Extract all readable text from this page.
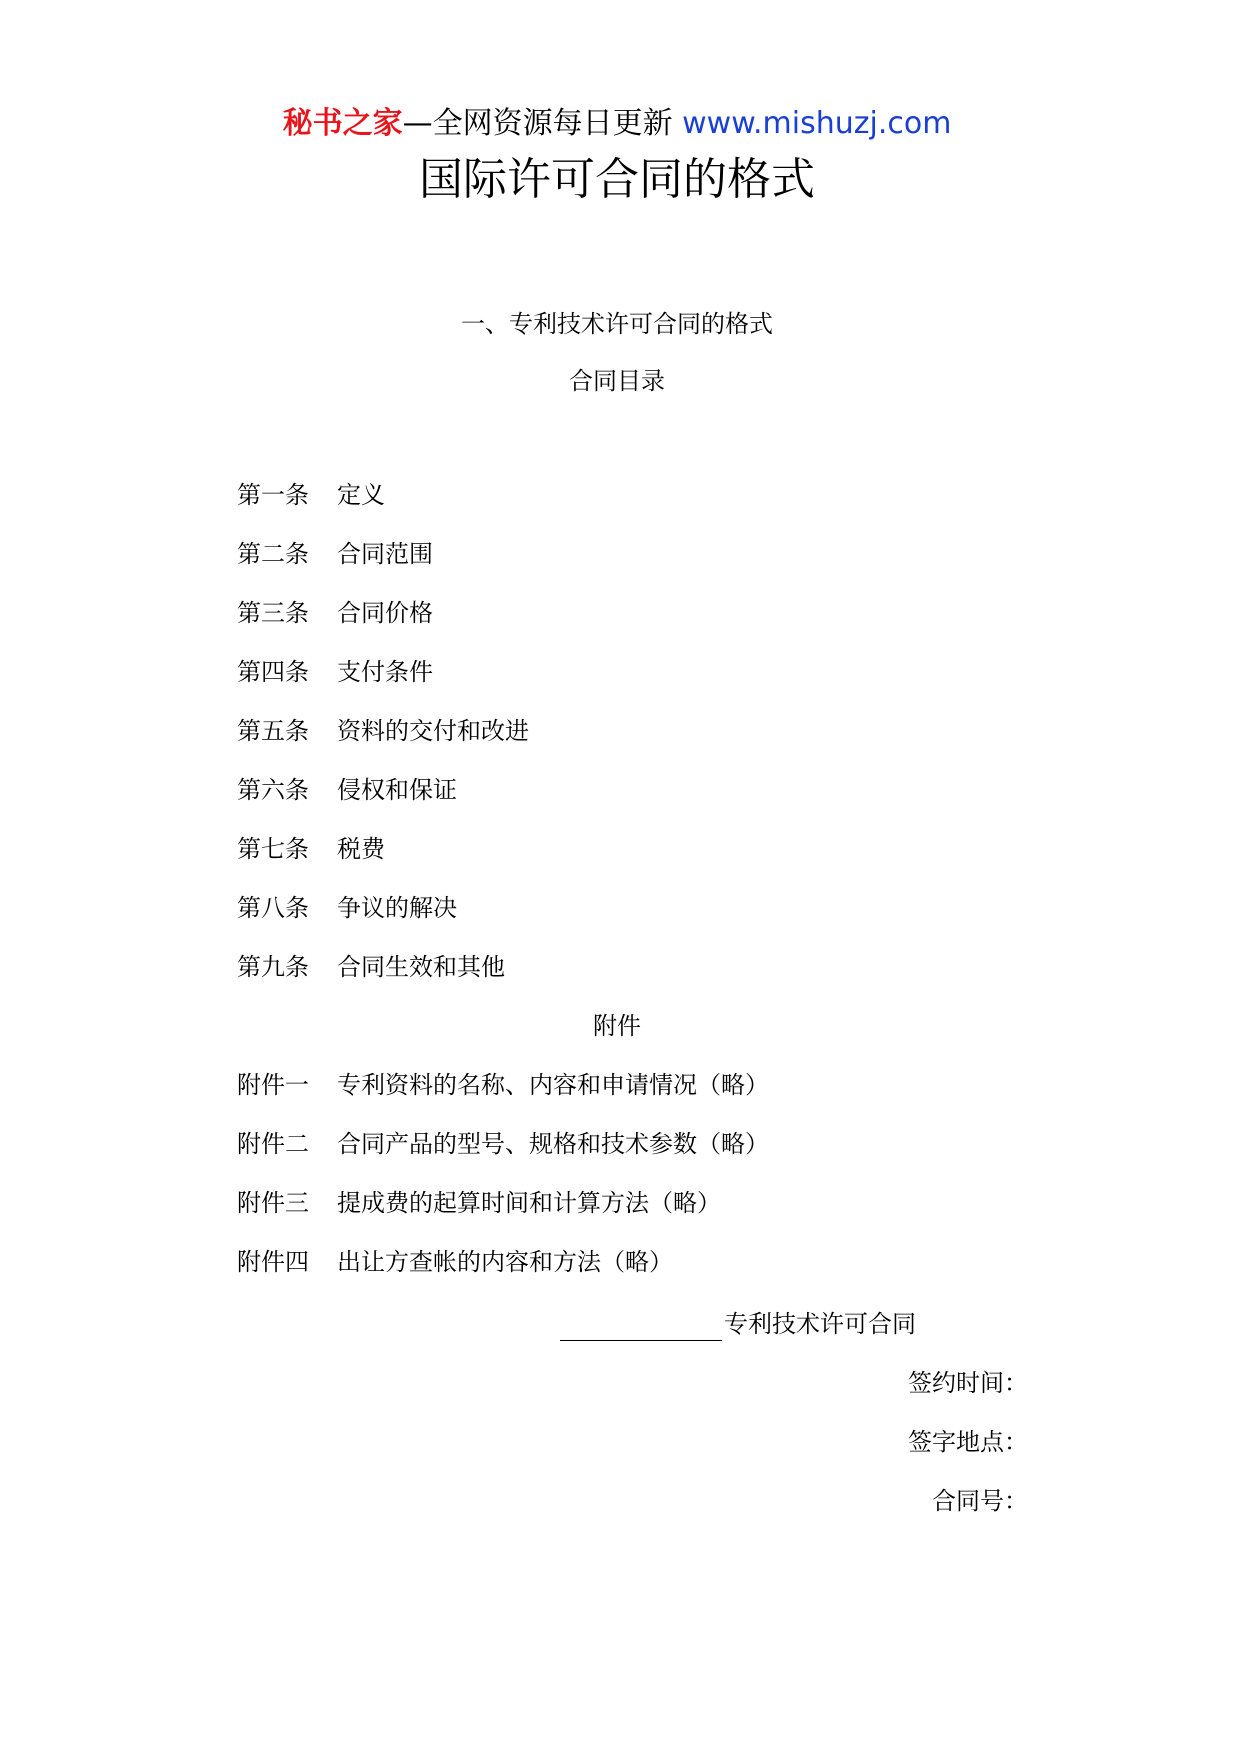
秘书之家—全网资源每日更新 www.mishuzj.com
国际许可合同的格式
一、专利技术许可合同的格式
合同目录
第一条 定义
第二条 合同范围
第三条 合同价格
第四条 支付条件
第五条 资料的交付和改进
第六条 侵权和保证
第七条 税费
第八条 争议的解决
第九条 合同生效和其他
附件
附件一 专利资料的名称、内容和申请情况（略）
附件二 合同产品的型号、规格和技术参数（略）
附件三 提成费的起算时间和计算方法（略）
附件四 出让方查帐的内容和方法（略）
专利技术许可合同
签约时间：
签字地点：
合同号：
